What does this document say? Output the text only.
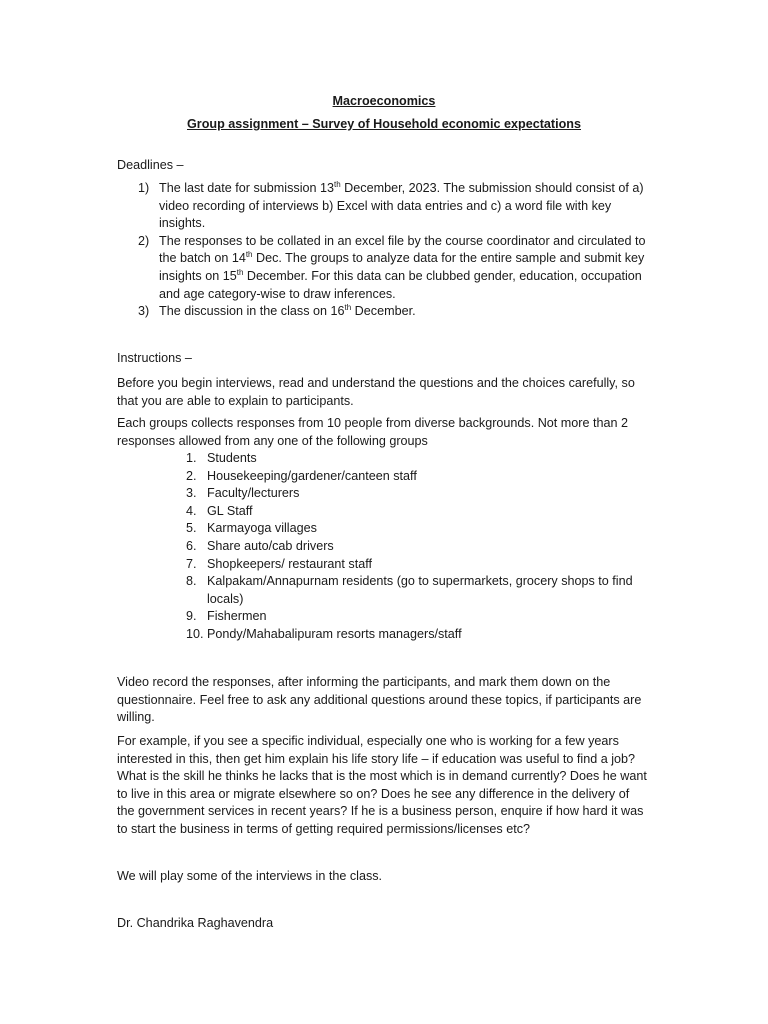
Macroeconomics

Group assignment – Survey of Household economic expectations

Deadlines –

1) The last date for submission 13th December, 2023. The submission should consist of a) video recording of interviews b) Excel with data entries and c) a word file with key insights.
2) The responses to be collated in an excel file by the course coordinator and circulated to the batch on 14th Dec. The groups to analyze data for the entire sample and submit key insights on 15th December. For this data can be clubbed gender, education, occupation and age category-wise to draw inferences.
3) The discussion in the class on 16th December.

Instructions –

Before you begin interviews, read and understand the questions and the choices carefully, so that you are able to explain to participants.

Each groups collects responses from 10 people from diverse backgrounds. Not more than 2 responses allowed from any one of the following groups

1. Students
2. Housekeeping/gardener/canteen staff
3. Faculty/lecturers
4. GL Staff
5. Karmayoga villages
6. Share auto/cab drivers
7. Shopkeepers/ restaurant staff
8. Kalpakam/Annapurnam residents (go to supermarkets, grocery shops to find locals)
9. Fishermen
10. Pondy/Mahabalipuram resorts managers/staff

Video record the responses, after informing the participants, and mark them down on the questionnaire. Feel free to ask any additional questions around these topics, if participants are willing.

For example, if you see a specific individual, especially one who is working for a few years interested in this, then get him explain his life story life – if education was useful to find a job? What is the skill he thinks he lacks that is the most which is in demand currently? Does he want to live in this area or migrate elsewhere so on? Does he see any difference in the delivery of the government services in recent years? If he is a business person, enquire if how hard it was to start the business in terms of getting required permissions/licenses etc?

We will play some of the interviews in the class.

Dr. Chandrika Raghavendra
